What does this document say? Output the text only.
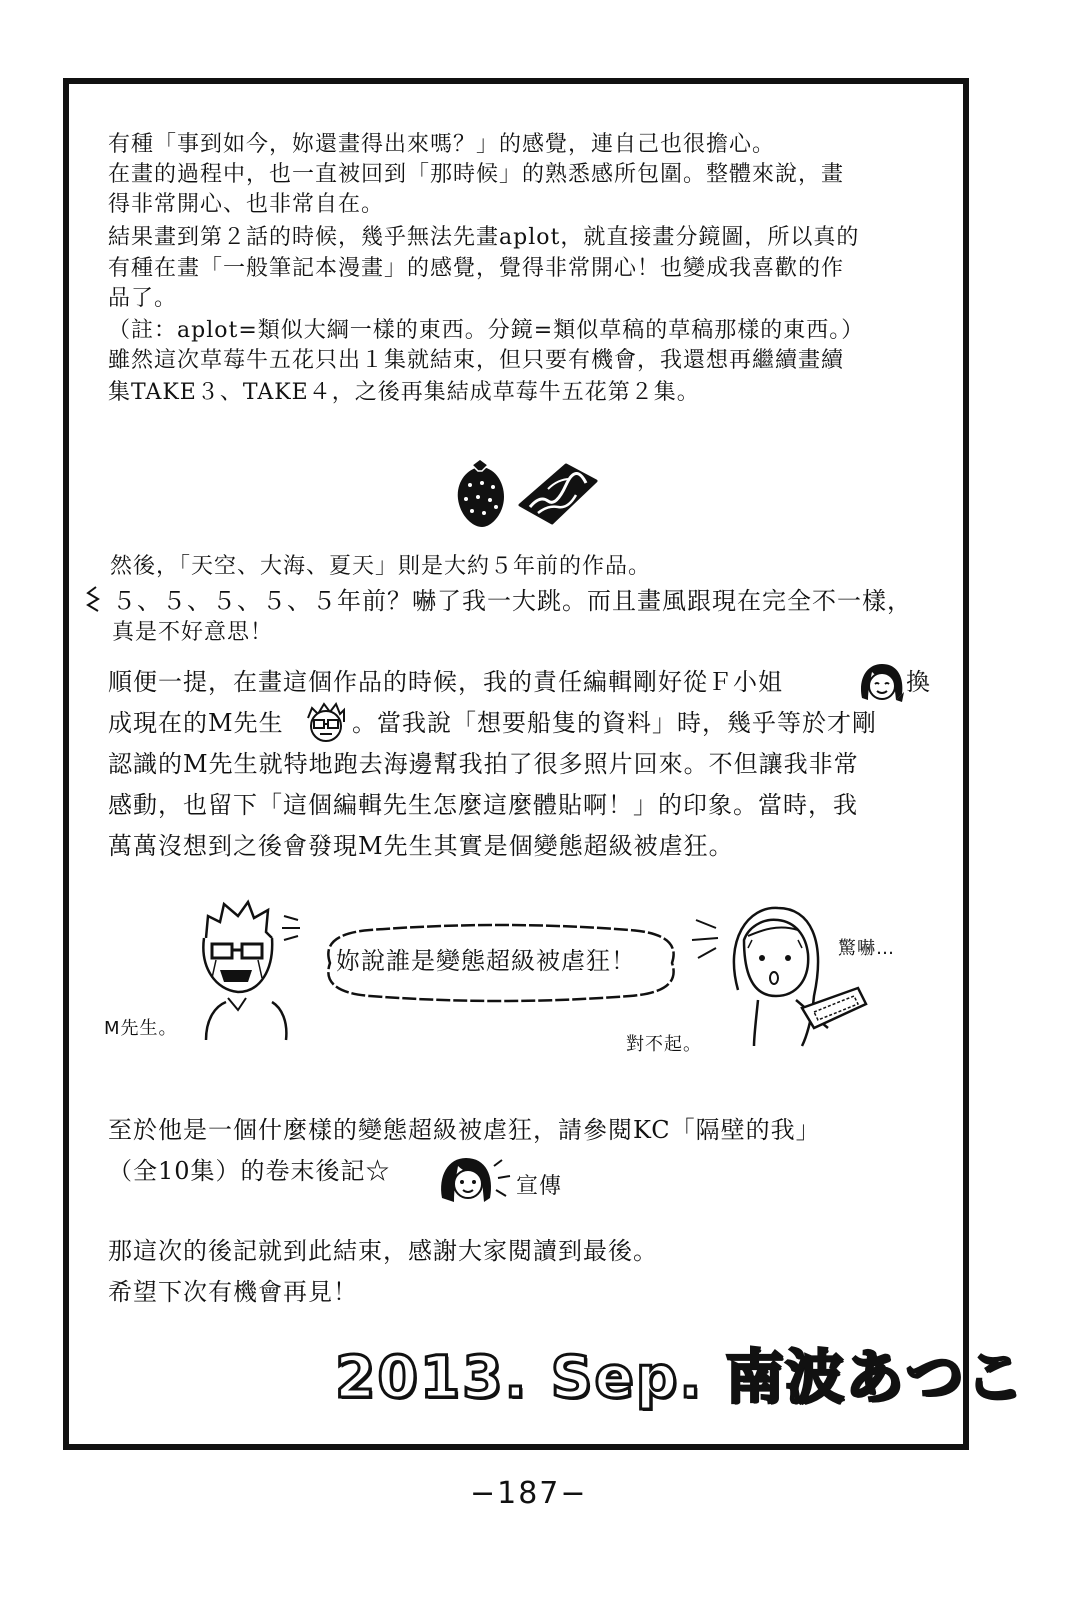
有種「事到如今，妳還畫得出來嗎？」的感覺，連自己也很擔心。
在畫的過程中，也一直被回到「那時候」的熟悉感所包圍。整體來說，畫
得非常開心、也非常自在。
結果畫到第２話的時候，幾乎無法先畫aplot，就直接畫分鏡圖，所以真的
有種在畫「一般筆記本漫畫」的感覺，覺得非常開心！也變成我喜歡的作
品了。
（註：aplot=類似大綱一樣的東西。分鏡=類似草稿的草稿那樣的東西。）
雖然這次草莓牛五花只出１集就結束，但只要有機會，我還想再繼續畫續
集TAKE３、TAKE４，之後再集結成草莓牛五花第２集。
然後，「天空、大海、夏天」則是大約５年前的作品。
５、５、５、５、５年前？嚇了我一大跳。而且畫風跟現在完全不一樣，
真是不好意思！
順便一提，在畫這個作品的時候，我的責任編輯剛好從Ｆ小姐	換
成現在的M先生	。當我說「想要船隻的資料」時，幾乎等於才剛
認識的M先生就特地跑去海邊幫我拍了很多照片回來。不但讓我非常
感動，也留下「這個編輯先生怎麼這麼體貼啊！」的印象。當時，我
萬萬沒想到之後會發現M先生其實是個變態超級被虐狂。
妳說誰是變態超級被虐狂！
M先生。
驚嚇…
對不起。
至於他是一個什麼樣的變態超級被虐狂，請參閱KC「隔壁的我」
（全10集）的卷末後記☆
宣傳
那這次的後記就到此結束，感謝大家閱讀到最後。
希望下次有機會再見！
2013. Sep. 南波あつこ
−187−
